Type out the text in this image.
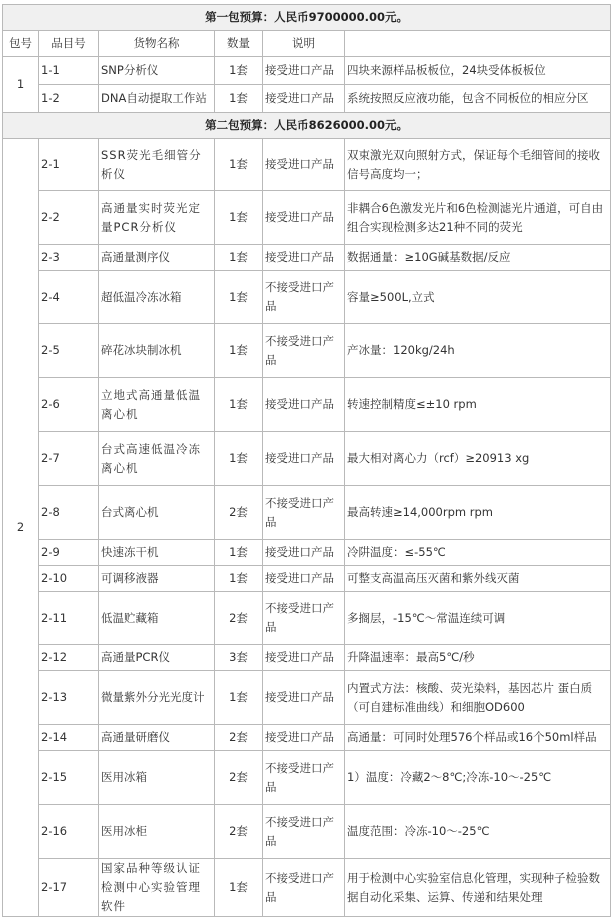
第一包预算：人民币9700000.00元。					
包号	品目号	货物名称	数量	说明	
1	1-1	SNP分析仪	1套	接受进口产品	四块来源样品板板位，24块受体板板位
	1-2	DNA自动提取工作站	1套	接受进口产品	系统按照反应液功能，包含不同板位的相应分区
第二包预算：人民币8626000.00元。					
2	2-1	SSR荧光毛细管分析仪	1套	接受进口产品	双束激光双向照射方式，保证每个毛细管间的接收信号高度均一；
	2-2	高通量实时荧光定量PCR分析仪	1套	接受进口产品	非耦合6色激发光片和6色检测滤光片通道，可自由组合实现检测多达21种不同的荧光
	2-3	高通量测序仪	1套	接受进口产品	数据通量：≥10G碱基数据/反应
	2-4	超低温冷冻冰箱	1套	不接受进口产品	容量≥500L,立式
	2-5	碎花冰块制冰机	1套	不接受进口产品	产冰量：120kg/24h
	2-6	立地式高通量低温离心机	1套	接受进口产品	转速控制精度≤±10 rpm
	2-7	台式高速低温冷冻离心机	1套	接受进口产品	最大相对离心力（rcf）≥20913 xg
	2-8	台式离心机	2套	不接受进口产品	最高转速≥14,000rpm rpm
	2-9	快速冻干机	1套	接受进口产品	冷阱温度：≤-55℃
	2-10	可调移液器	1套	接受进口产品	可整支高温高压灭菌和紫外线灭菌
	2-11	低温贮藏箱	2套	不接受进口产品	多搁层，-15℃～常温连续可调
	2-12	高通量PCR仪	3套	接受进口产品	升降温速率：最高5℃/秒
	2-13	微量紫外分光光度计	1套	接受进口产品	内置式方法：核酸、荧光染料，基因芯片 蛋白质（可自建标准曲线）和细胞OD600
	2-14	高通量研磨仪	2套	接受进口产品	高通量：可同时处理576个样品或16个50ml样品
	2-15	医用冰箱	2套	不接受进口产品	1）温度：冷藏2～8℃;冷冻-10～-25℃
	2-16	医用冰柜	2套	不接受进口产品	温度范围：冷冻-10～-25℃
	2-17	国家品种等级认证检测中心实验管理软件	1套	不接受进口产品	用于检测中心实验室信息化管理，实现种子检验数据自动化采集、运算、传递和结果处理
